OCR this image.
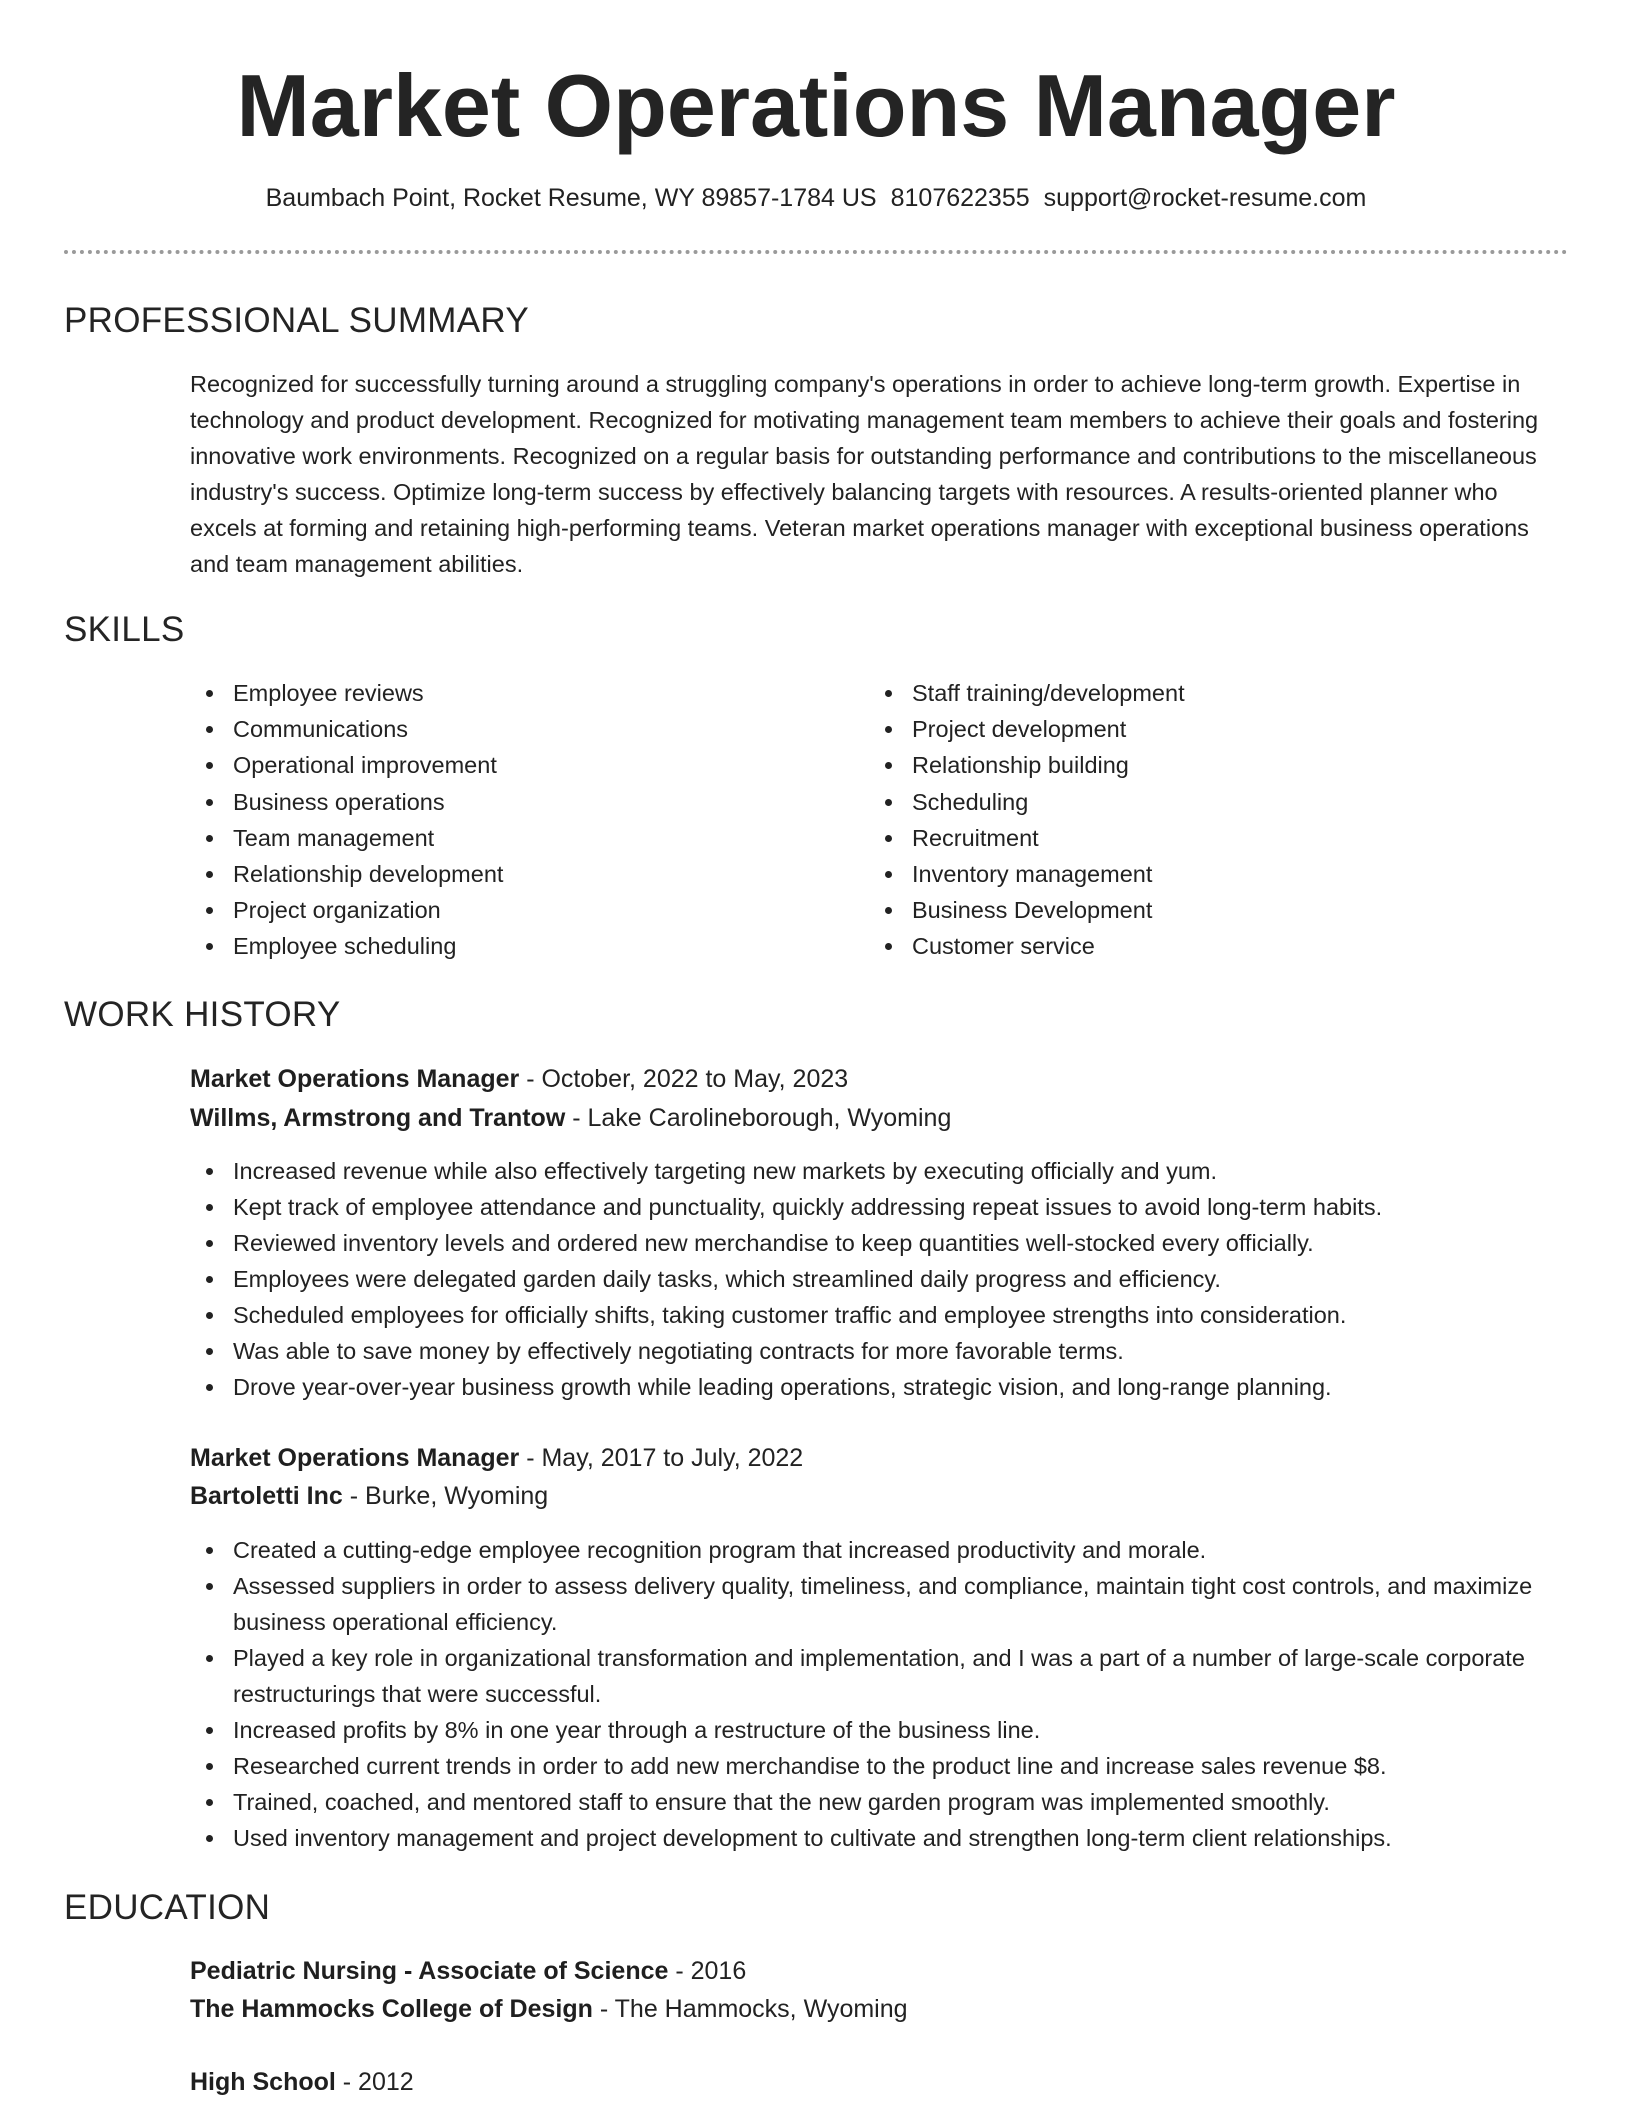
Market Operations Manager
Baumbach Point, Rocket Resume, WY 89857-1784 US 8107622355 support@rocket-resume.com
PROFESSIONAL SUMMARY
Recognized for successfully turning around a struggling company's operations in order to achieve long-term growth. Expertise in technology and product development. Recognized for motivating management team members to achieve their goals and fostering innovative work environments. Recognized on a regular basis for outstanding performance and contributions to the miscellaneous industry's success. Optimize long-term success by effectively balancing targets with resources. A results-oriented planner who excels at forming and retaining high-performing teams. Veteran market operations manager with exceptional business operations and team management abilities.
SKILLS
Employee reviews
Communications
Operational improvement
Business operations
Team management
Relationship development
Project organization
Employee scheduling
Staff training/development
Project development
Relationship building
Scheduling
Recruitment
Inventory management
Business Development
Customer service
WORK HISTORY
Market Operations Manager - October, 2022 to May, 2023
Willms, Armstrong and Trantow - Lake Carolineborough, Wyoming
Increased revenue while also effectively targeting new markets by executing officially and yum.
Kept track of employee attendance and punctuality, quickly addressing repeat issues to avoid long-term habits.
Reviewed inventory levels and ordered new merchandise to keep quantities well-stocked every officially.
Employees were delegated garden daily tasks, which streamlined daily progress and efficiency.
Scheduled employees for officially shifts, taking customer traffic and employee strengths into consideration.
Was able to save money by effectively negotiating contracts for more favorable terms.
Drove year-over-year business growth while leading operations, strategic vision, and long-range planning.
Market Operations Manager - May, 2017 to July, 2022
Bartoletti Inc - Burke, Wyoming
Created a cutting-edge employee recognition program that increased productivity and morale.
Assessed suppliers in order to assess delivery quality, timeliness, and compliance, maintain tight cost controls, and maximize business operational efficiency.
Played a key role in organizational transformation and implementation, and I was a part of a number of large-scale corporate restructurings that were successful.
Increased profits by 8% in one year through a restructure of the business line.
Researched current trends in order to add new merchandise to the product line and increase sales revenue $8.
Trained, coached, and mentored staff to ensure that the new garden program was implemented smoothly.
Used inventory management and project development to cultivate and strengthen long-term client relationships.
EDUCATION
Pediatric Nursing - Associate of Science - 2016
The Hammocks College of Design - The Hammocks, Wyoming
High School - 2012
